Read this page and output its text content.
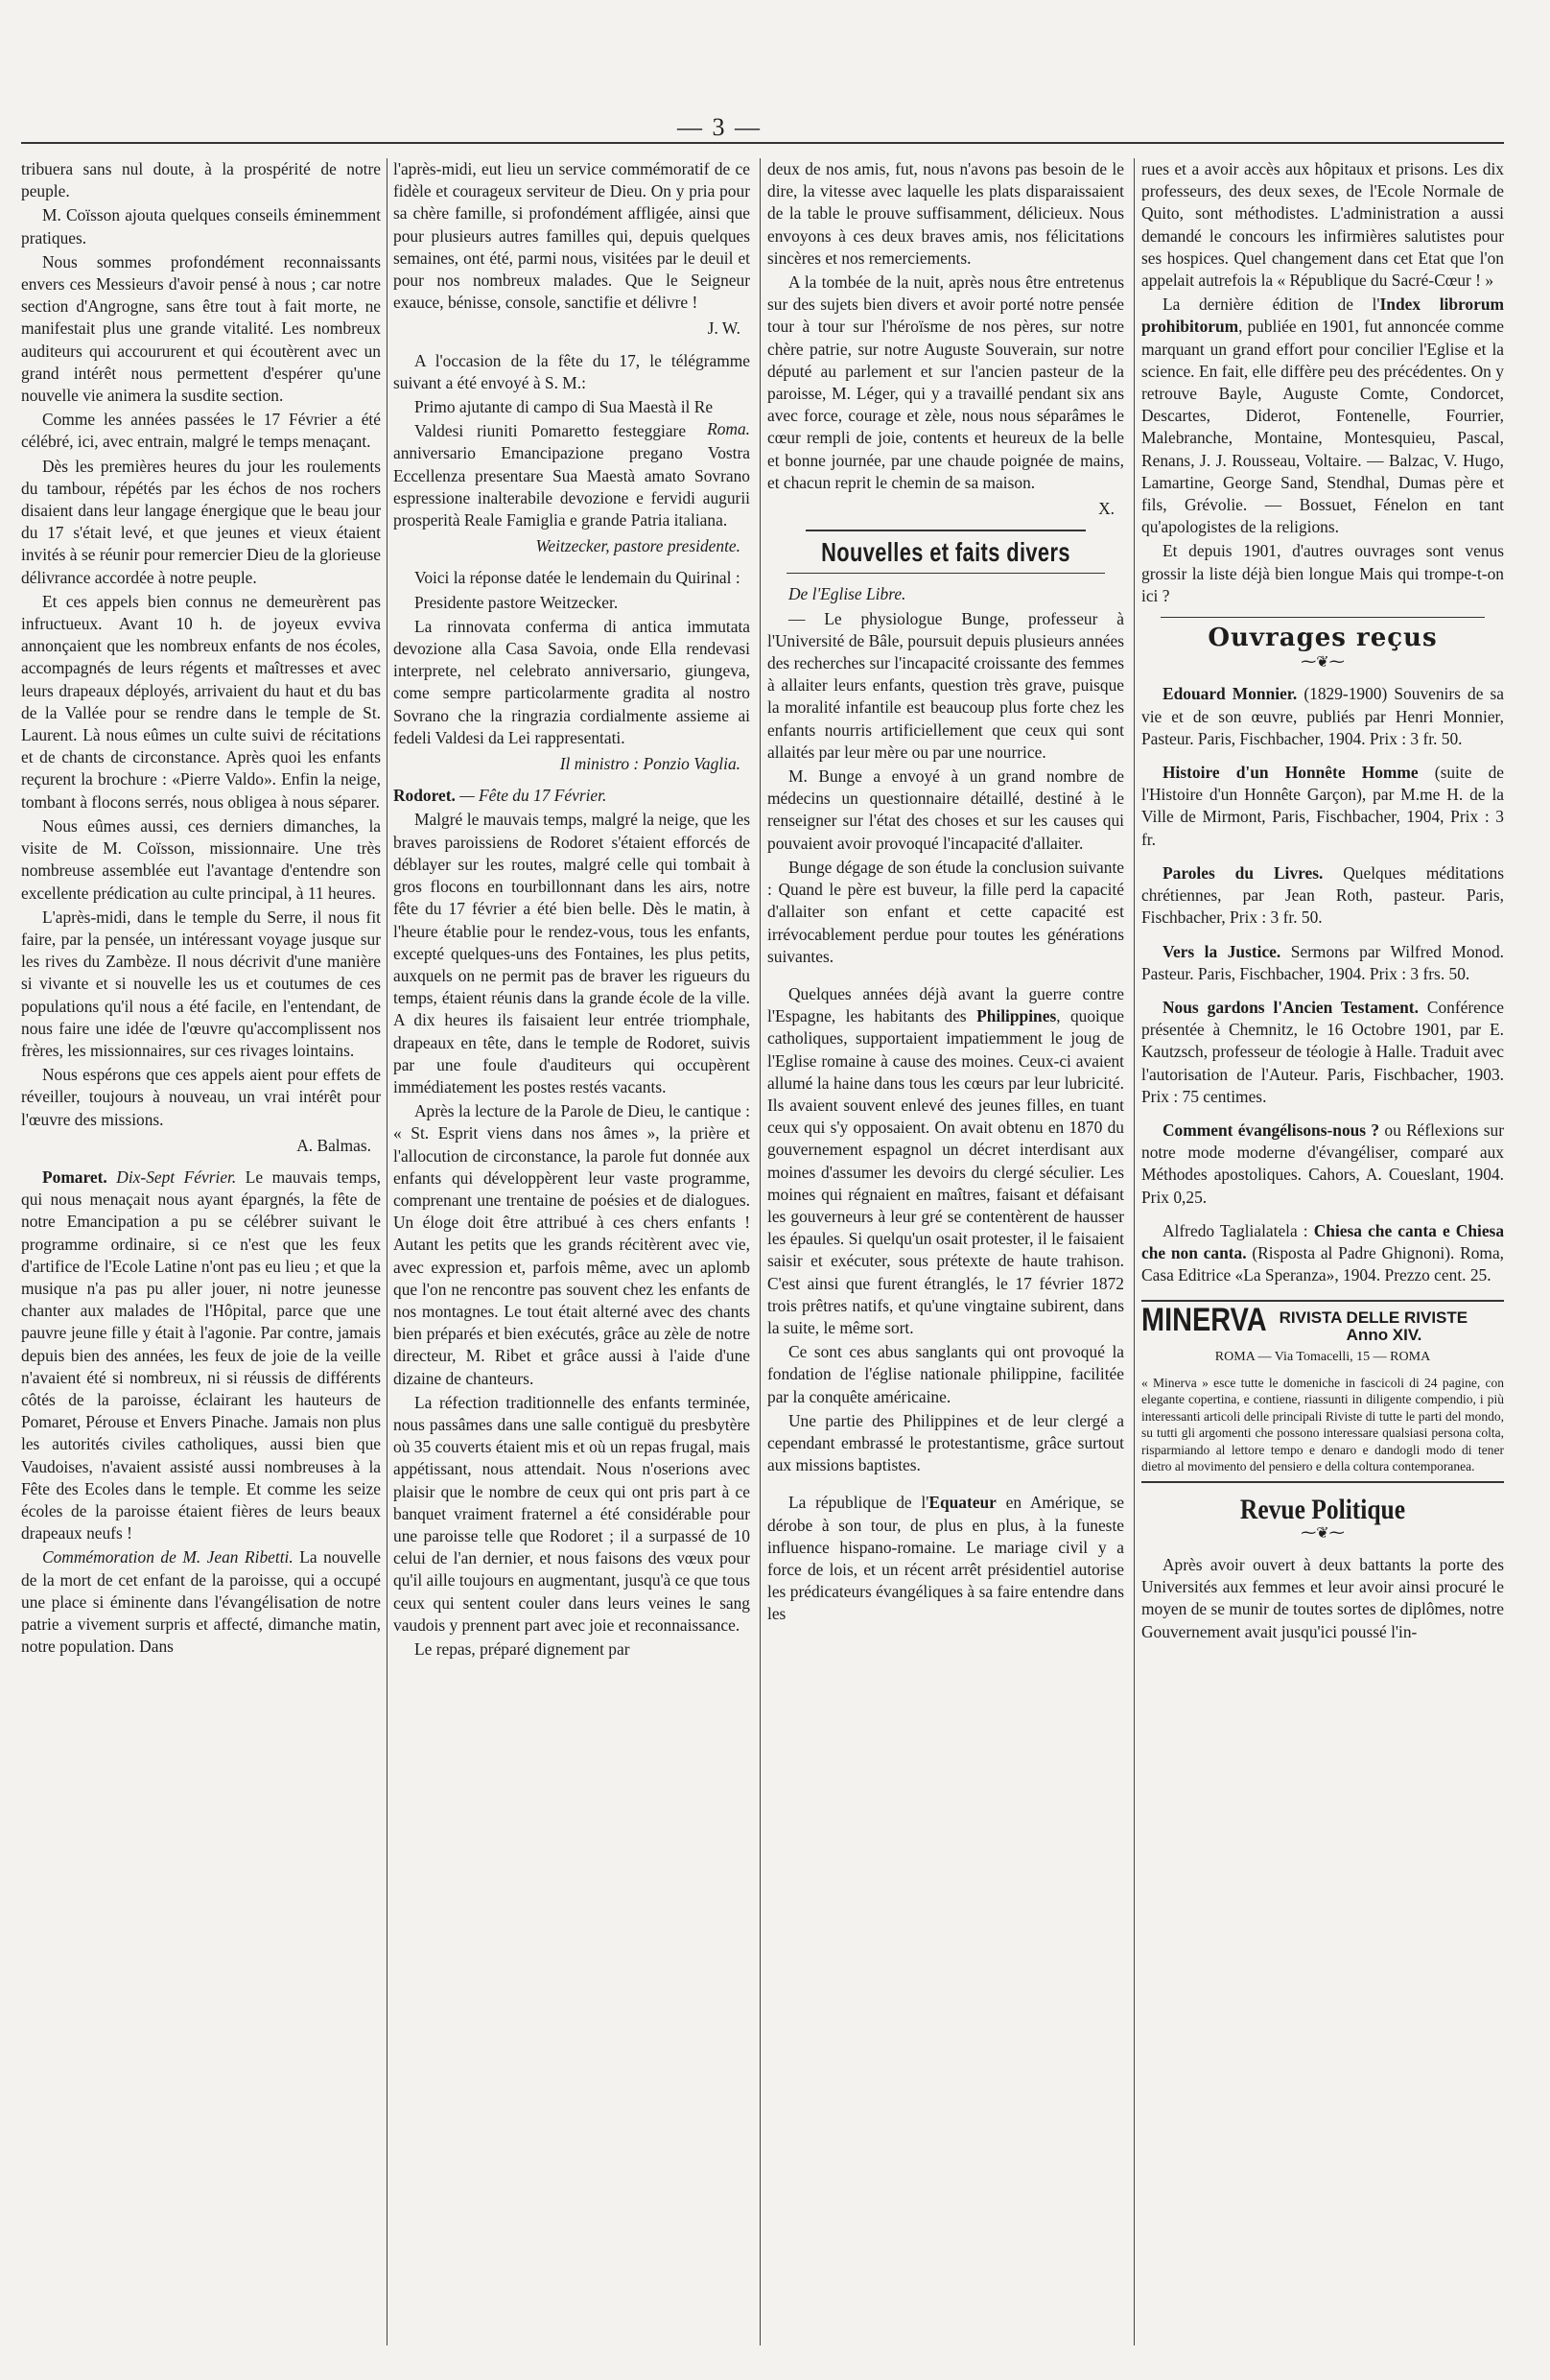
— 3 —

tribuera sans nul doute, à la prospérité de notre peuple.

M. Coïsson ajouta quelques conseils éminemment pratiques.

Nous sommes profondément reconnaissants envers ces Messieurs d'avoir pensé à nous ; car notre section d'Angrogne, sans être tout à fait morte, ne manifestait plus une grande vitalité. Les nombreux auditeurs qui accoururent et qui écoutèrent avec un grand intérêt nous permettent d'espérer qu'une nouvelle vie animera la susdite section.

Comme les années passées le 17 Février a été célébré, ici, avec entrain, malgré le temps menaçant.

Dès les premières heures du jour les roulements du tambour, répétés par les échos de nos rochers disaient dans leur langage énergique que le beau jour du 17 s'était levé, et que jeunes et vieux étaient invités à se réunir pour remercier Dieu de la glorieuse délivrance accordée à notre peuple.

Et ces appels bien connus ne demeurèrent pas infructueux. Avant 10 h. de joyeux evviva annonçaient que les nombreux enfants de nos écoles, accompagnés de leurs régents et maîtresses et avec leurs drapeaux déployés, arrivaient du haut et du bas de la Vallée pour se rendre dans le temple de St. Laurent. Là nous eûmes un culte suivi de récitations et de chants de circonstance. Après quoi les enfants reçurent la brochure : «Pierre Valdo». Enfin la neige, tombant à flocons serrés, nous obligea à nous séparer.

Nous eûmes aussi, ces derniers dimanches, la visite de M. Coïsson, missionnaire. Une très nombreuse assemblée eut l'avantage d'entendre son excellente prédication au culte principal, à 11 heures.

L'après-midi, dans le temple du Serre, il nous fit faire, par la pensée, un intéressant voyage jusque sur les rives du Zambèze. Il nous décrivit d'une manière si vivante et si nouvelle les us et coutumes de ces populations qu'il nous a été facile, en l'entendant, de nous faire une idée de l'œuvre qu'accomplissent nos frères, les missionnaires, sur ces rivages lointains.

Nous espérons que ces appels aient pour effets de réveiller, toujours à nouveau, un vrai intérêt pour l'œuvre des missions.

A. Balmas.

Pomaret. Dix-Sept Février. Le mauvais temps, qui nous menaçait nous ayant épargnés, la fête de notre Emancipation a pu se célébrer suivant le programme ordinaire, si ce n'est que les feux d'artifice de l'Ecole Latine n'ont pas eu lieu ; et que la musique n'a pas pu aller jouer, ni notre jeunesse chanter aux malades de l'Hôpital, parce que une pauvre jeune fille y était à l'agonie. Par contre, jamais depuis bien des années, les feux de joie de la veille n'avaient été si nombreux, ni si réussis de différents côtés de la paroisse, éclairant les hauteurs de Pomaret, Pérouse et Envers Pinache. Jamais non plus les autorités civiles catholiques, aussi bien que Vaudoises, n'avaient assisté aussi nombreuses à la Fête des Ecoles dans le temple. Et comme les seize écoles de la paroisse étaient fières de leurs beaux drapeaux neufs !

Commémoration de M. Jean Ribetti. La nouvelle de la mort de cet enfant de la paroisse, qui a occupé une place si éminente dans l'évangélisation de notre patrie a vivement surpris et affecté, dimanche matin, notre population. Dans

l'après-midi, eut lieu un service commémoratif de ce fidèle et courageux serviteur de Dieu. On y pria pour sa chère famille, si profondément affligée, ainsi que pour plusieurs autres familles qui, depuis quelques semaines, ont été, parmi nous, visitées par le deuil et pour nos nombreux malades. Que le Seigneur exauce, bénisse, console, sanctifie et délivre !

J. W.

A l'occasion de la fête du 17, le télégramme suivant a été envoyé à S. M.:

Primo ajutante di campo di Sua Maestà il Re
Roma.

Valdesi riuniti Pomaretto festeggiare anniversario Emancipazione pregano Vostra Eccellenza presentare Sua Maestà amato Sovrano espressione inalterabile devozione e fervidi augurii prosperità Reale Famiglia e grande Patria italiana.

Weitzecker, pastore presidente.

Voici la réponse datée le lendemain du Quirinal :

Presidente pastore Weitzecker.

La rinnovata conferma di antica immutata devozione alla Casa Savoia, onde Ella rendevasi interprete, nel celebrato anniversario, giungeva, come sempre particolarmente gradita al nostro Sovrano che la ringrazia cordialmente assieme ai fedeli Valdesi da Lei rappresentati.

Il ministro : Ponzio Vaglia.

Rodoret. — Fête du 17 Février.

Malgré le mauvais temps, malgré la neige, que les braves paroissiens de Rodoret s'étaient efforcés de déblayer sur les routes, malgré celle qui tombait à gros flocons en tourbillonnant dans les airs, notre fête du 17 février a été bien belle. Dès le matin, à l'heure établie pour le rendez-vous, tous les enfants, excepté quelques-uns des Fontaines, les plus petits, auxquels on ne permit pas de braver les rigueurs du temps, étaient réunis dans la grande école de la ville. A dix heures ils faisaient leur entrée triomphale, drapeaux en tête, dans le temple de Rodoret, suivis par une foule d'auditeurs qui occupèrent immédiatement les postes restés vacants.

Après la lecture de la Parole de Dieu, le cantique : « St. Esprit viens dans nos âmes », la prière et l'allocution de circonstance, la parole fut donnée aux enfants qui développèrent leur vaste programme, comprenant une trentaine de poésies et de dialogues. Un éloge doit être attribué à ces chers enfants ! Autant les petits que les grands récitèrent avec vie, avec expression et, parfois même, avec un aplomb que l'on ne rencontre pas souvent chez les enfants de nos montagnes. Le tout était alterné avec des chants bien préparés et bien exécutés, grâce au zèle de notre directeur, M. Ribet et grâce aussi à l'aide d'une dizaine de chanteurs.

La réfection traditionnelle des enfants terminée, nous passâmes dans une salle contiguë du presbytère où 35 couverts étaient mis et où un repas frugal, mais appétissant, nous attendait. Nous n'oserions avec plaisir que le nombre de ceux qui ont pris part à ce banquet vraiment fraternel a été considérable pour une paroisse telle que Rodoret ; il a surpassé de 10 celui de l'an dernier, et nous faisons des vœux pour qu'il aille toujours en augmentant, jusqu'à ce que tous ceux qui sentent couler dans leurs veines le sang vaudois y prennent part avec joie et reconnaissance.

Le repas, préparé dignement par

deux de nos amis, fut, nous n'avons pas besoin de le dire, la vitesse avec laquelle les plats disparaissaient de la table le prouve suffisamment, délicieux. Nous envoyons à ces deux braves amis, nos félicitations sincères et nos remerciements.

A la tombée de la nuit, après nous être entretenus sur des sujets bien divers et avoir porté notre pensée tour à tour sur l'héroïsme de nos pères, sur notre chère patrie, sur notre Auguste Souverain, sur notre député au parlement et sur l'ancien pasteur de la paroisse, M. Léger, qui y a travaillé pendant six ans avec force, courage et zèle, nous nous séparâmes le cœur rempli de joie, contents et heureux de la belle et bonne journée, par une chaude poignée de mains, et chacun reprit le chemin de sa maison.

X.

Nouvelles et faits divers

De l'Eglise Libre.

— Le physiologue Bunge, professeur à l'Université de Bâle, poursuit depuis plusieurs années des recherches sur l'incapacité croissante des femmes à allaiter leurs enfants, question très grave, puisque la moralité infantile est beaucoup plus forte chez les enfants nourris artificiellement que ceux qui sont allaités par leur mère ou par une nourrice.

M. Bunge a envoyé à un grand nombre de médecins un questionnaire détaillé, destiné à le renseigner sur l'état des choses et sur les causes qui pouvaient avoir provoqué l'incapacité d'allaiter.

Bunge dégage de son étude la conclusion suivante : Quand le père est buveur, la fille perd la capacité d'allaiter son enfant et cette capacité est irrévocablement perdue pour toutes les générations suivantes.

Quelques années déjà avant la guerre contre l'Espagne, les habitants des Philippines, quoique catholiques, supportaient impatiemment le joug de l'Eglise romaine à cause des moines. Ceux-ci avaient allumé la haine dans tous les cœurs par leur lubricité. Ils avaient souvent enlevé des jeunes filles, en tuant ceux qui s'y opposaient. On avait obtenu en 1870 du gouvernement espagnol un décret interdisant aux moines d'assumer les devoirs du clergé séculier. Les moines qui régnaient en maîtres, faisant et défaisant les gouverneurs à leur gré se contentèrent de hausser les épaules. Si quelqu'un osait protester, il le faisaient saisir et exécuter, sous prétexte de haute trahison. C'est ainsi que furent étranglés, le 17 février 1872 trois prêtres natifs, et qu'une vingtaine subirent, dans la suite, le même sort.

Ce sont ces abus sanglants qui ont provoqué la fondation de l'église nationale philippine, facilitée par la conquête américaine.

Une partie des Philippines et de leur clergé a cependant embrassé le protestantisme, grâce surtout aux missions baptistes.

La république de l'Equateur en Amérique, se dérobe à son tour, de plus en plus, à la funeste influence hispano-romaine. Le mariage civil y a force de lois, et un récent arrêt présidentiel autorise les prédicateurs évangéliques à sa faire entendre dans les

rues et a avoir accès aux hôpitaux et prisons. Les dix professeurs, des deux sexes, de l'Ecole Normale de Quito, sont méthodistes. L'administration a aussi demandé le concours les infirmières salutistes pour ses hospices. Quel changement dans cet Etat que l'on appelait autrefois la « République du Sacré-Cœur ! »

La dernière édition de l'Index librorum prohibitorum, publiée en 1901, fut annoncée comme marquant un grand effort pour concilier l'Eglise et la science. En fait, elle diffère peu des précédentes. On y retrouve Bayle, Auguste Comte, Condorcet, Descartes, Diderot, Fontenelle, Fourrier, Malebranche, Montaine, Montesquieu, Pascal, Renans, J. J. Rousseau, Voltaire. — Balzac, V. Hugo, Lamartine, George Sand, Stendhal, Dumas père et fils, Grévolie. — Bossuet, Fénelon en tant qu'apologistes de la religions.

Et depuis 1901, d'autres ouvrages sont venus grossir la liste déjà bien longue Mais qui trompe-t-on ici ?

Ouvrages reçus
⁓❦⁓

Edouard Monnier. (1829-1900) Souvenirs de sa vie et de son œuvre, publiés par Henri Monnier, Pasteur. Paris, Fischbacher, 1904. Prix : 3 fr. 50.

Histoire d'un Honnête Homme (suite de l'Histoire d'un Honnête Garçon), par M.me H. de la Ville de Mirmont, Paris, Fischbacher, 1904, Prix : 3 fr.

Paroles du Livres. Quelques méditations chrétiennes, par Jean Roth, pasteur. Paris, Fischbacher, Prix : 3 fr. 50.

Vers la Justice. Sermons par Wilfred Monod. Pasteur. Paris, Fischbacher, 1904. Prix : 3 frs. 50.

Nous gardons l'Ancien Testament. Conférence présentée à Chemnitz, le 16 Octobre 1901, par E. Kautzsch, professeur de téologie à Halle. Traduit avec l'autorisation de l'Auteur. Paris, Fischbacher, 1903. Prix : 75 centimes.

Comment évangélisons-nous ? ou Réflexions sur notre mode moderne d'évangéliser, comparé aux Méthodes apostoliques. Cahors, A. Coueslant, 1904. Prix 0,25.

Alfredo Taglialatela : Chiesa che canta e Chiesa che non canta. (Risposta al Padre Ghignoni). Roma, Casa Editrice «La Speranza», 1904. Prezzo cent. 25.

MINERVA RIVISTA DELLE RIVISTE
Anno XIV.
ROMA — Via Tomacelli, 15 — ROMA
« Minerva » esce tutte le domeniche in fascicoli di 24 pagine, con elegante copertina, e contiene, riassunti in diligente compendio, i più interessanti articoli delle principali Riviste di tutte le parti del mondo, su tutti gli argomenti che possono interessare qualsiasi persona colta, risparmiando al lettore tempo e denaro e dandogli modo di tener dietro al movimento del pensiero e della coltura contemporanea.
Revue Politique
⁓❦⁓

Après avoir ouvert à deux battants la porte des Universités aux femmes et leur avoir ainsi procuré le moyen de se munir de toutes sortes de diplômes, notre Gouvernement avait jusqu'ici poussé l'in-
